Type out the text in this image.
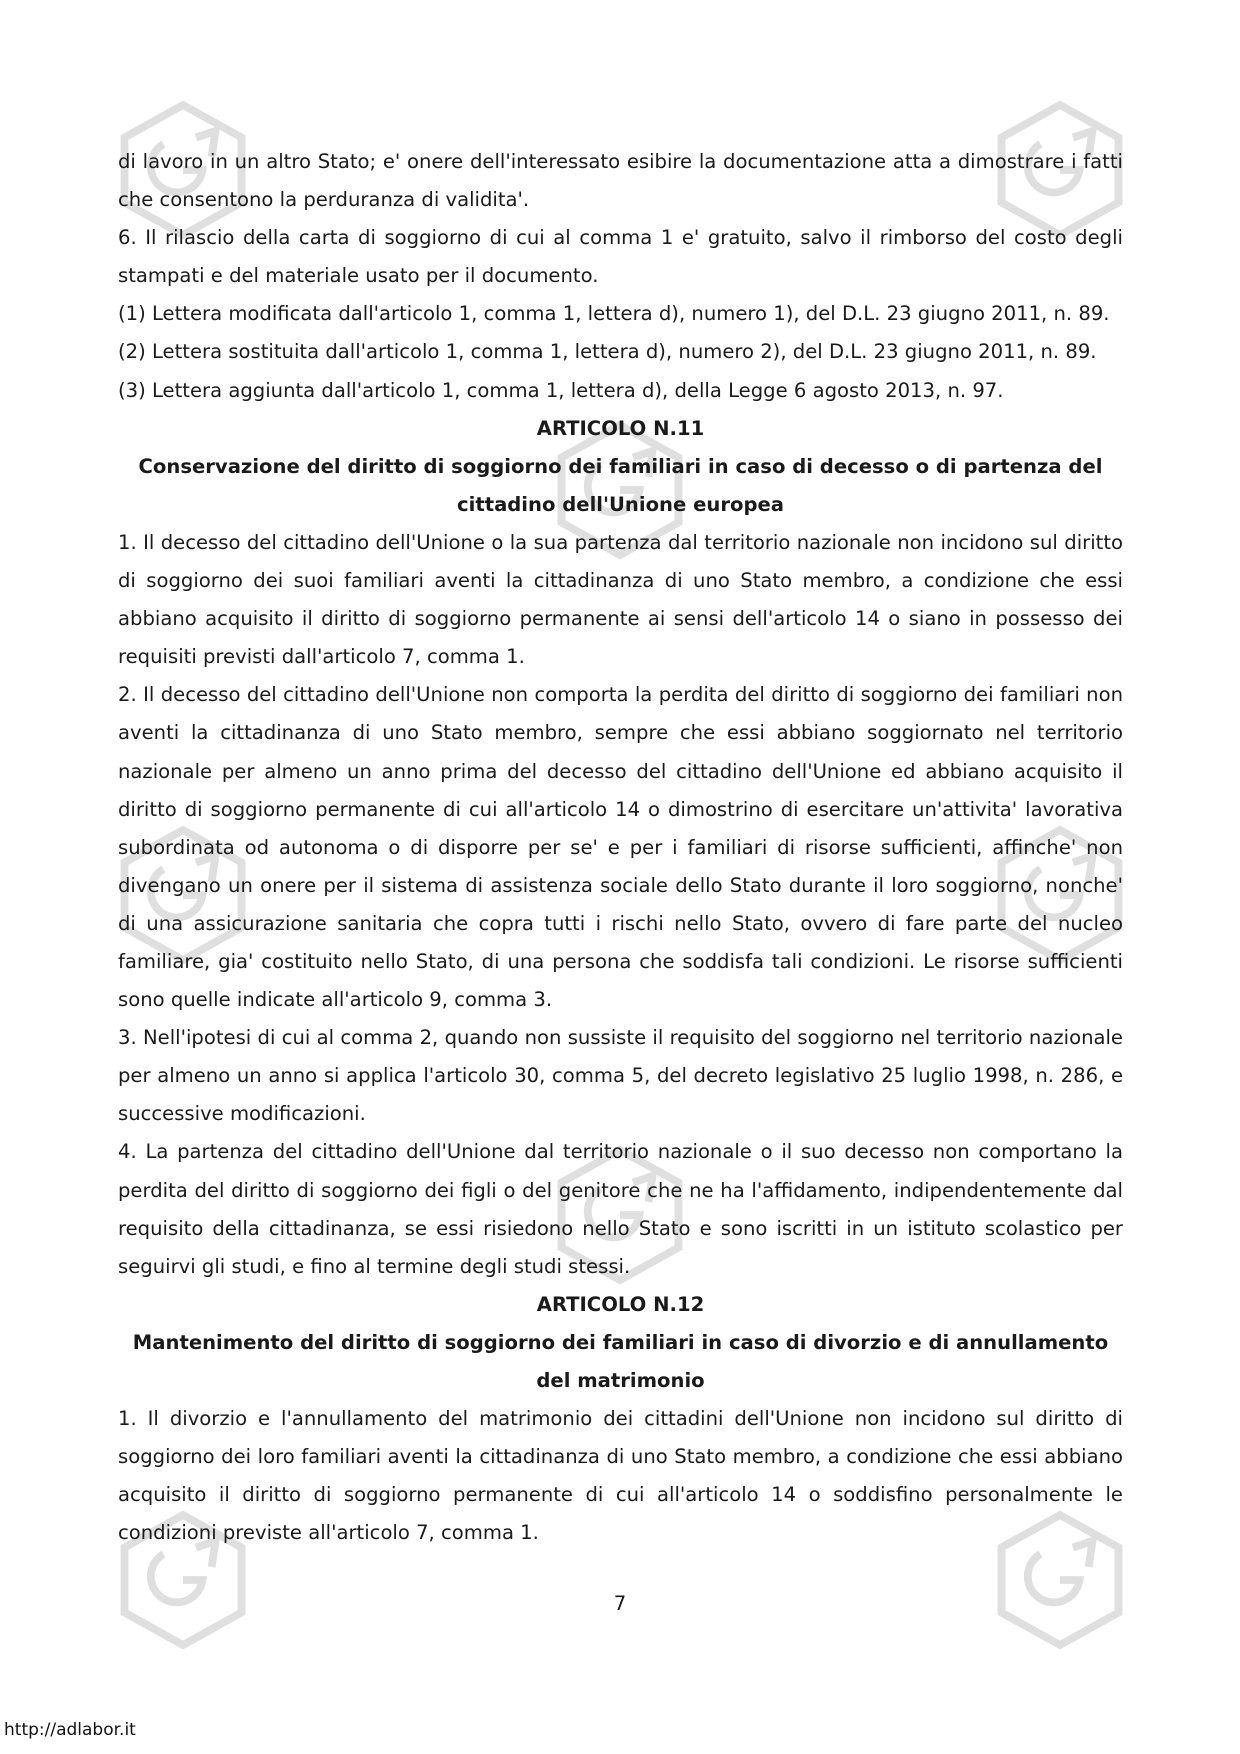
di lavoro in un altro Stato; e' onere dell'interessato esibire la documentazione atta a dimostrare i fatti che consentono la perduranza di validita'.

6. Il rilascio della carta di soggiorno di cui al comma 1 e' gratuito, salvo il rimborso del costo degli stampati e del materiale usato per il documento.

(1) Lettera modificata dall'articolo 1, comma 1, lettera d), numero 1), del D.L. 23 giugno 2011, n. 89.

(2) Lettera sostituita dall'articolo 1, comma 1, lettera d), numero 2), del D.L. 23 giugno 2011, n. 89.

(3) Lettera aggiunta dall'articolo 1, comma 1, lettera d), della Legge 6 agosto 2013, n. 97.

ARTICOLO N.11
Conservazione del diritto di soggiorno dei familiari in caso di decesso o di partenza del cittadino dell'Unione europea

1. Il decesso del cittadino dell'Unione o la sua partenza dal territorio nazionale non incidono sul diritto di soggiorno dei suoi familiari aventi la cittadinanza di uno Stato membro, a condizione che essi abbiano acquisito il diritto di soggiorno permanente ai sensi dell'articolo 14 o siano in possesso dei requisiti previsti dall'articolo 7, comma 1.

2. Il decesso del cittadino dell'Unione non comporta la perdita del diritto di soggiorno dei familiari non aventi la cittadinanza di uno Stato membro, sempre che essi abbiano soggiornato nel territorio nazionale per almeno un anno prima del decesso del cittadino dell'Unione ed abbiano acquisito il diritto di soggiorno permanente di cui all'articolo 14 o dimostrino di esercitare un'attivita' lavorativa subordinata od autonoma o di disporre per se' e per i familiari di risorse sufficienti, affinche' non divengano un onere per il sistema di assistenza sociale dello Stato durante il loro soggiorno, nonche' di una assicurazione sanitaria che copra tutti i rischi nello Stato, ovvero di fare parte del nucleo familiare, gia' costituito nello Stato, di una persona che soddisfa tali condizioni. Le risorse sufficienti sono quelle indicate all'articolo 9, comma 3.

3. Nell'ipotesi di cui al comma 2, quando non sussiste il requisito del soggiorno nel territorio nazionale per almeno un anno si applica l'articolo 30, comma 5, del decreto legislativo 25 luglio 1998, n. 286, e successive modificazioni.

4. La partenza del cittadino dell'Unione dal territorio nazionale o il suo decesso non comportano la perdita del diritto di soggiorno dei figli o del genitore che ne ha l'affidamento, indipendentemente dal requisito della cittadinanza, se essi risiedono nello Stato e sono iscritti in un istituto scolastico per seguirvi gli studi, e fino al termine degli studi stessi.

ARTICOLO N.12
Mantenimento del diritto di soggiorno dei familiari in caso di divorzio e di annullamento del matrimonio

1. Il divorzio e l'annullamento del matrimonio dei cittadini dell'Unione non incidono sul diritto di soggiorno dei loro familiari aventi la cittadinanza di uno Stato membro, a condizione che essi abbiano acquisito il diritto di soggiorno permanente di cui all'articolo 14 o soddisfino personalmente le condizioni previste all'articolo 7, comma 1.

7
http://adlabor.it
